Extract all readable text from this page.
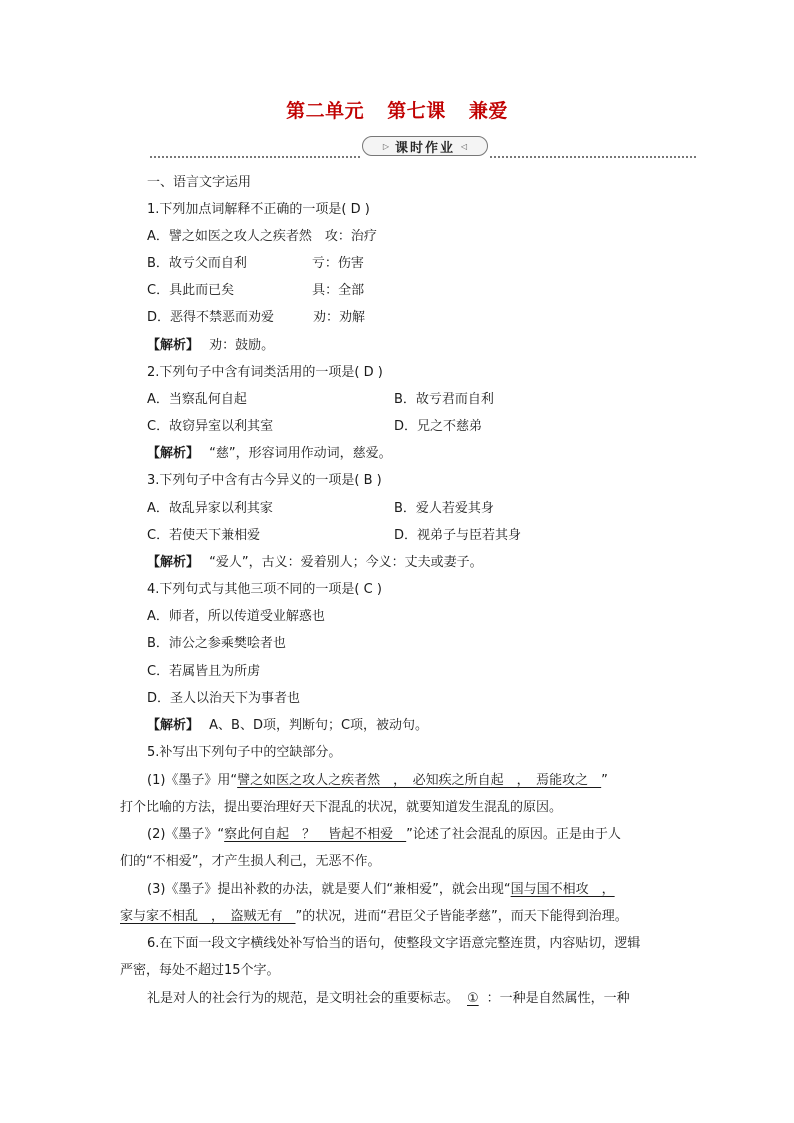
第二单元 第七课 兼爱
▷ 课时作业 ◁
一、语言文字运用
1.下列加点词解释不正确的一项是( D )
A．譬之如医之攻人之疾者然　攻：治疗
B．故亏父而自利　　　　　亏：伤害
C．具此而已矣　　　　　　具：全部
D．恶得不禁恶而劝爱　　　劝：劝解
【解析】 劝：鼓励。
2.下列句子中含有词类活用的一项是( D )
A．当察乱何自起	B．故亏君而自利
C．故窃异室以利其室	D．兄之不慈弟
【解析】 “慈”，形容词用作动词，慈爱。
3.下列句子中含有古今异义的一项是( B )
A．故乱异家以利其家	B．爱人若爱其身
C．若使天下兼相爱	D．视弟子与臣若其身
【解析】 “爱人”，古义：爱着别人；今义：丈夫或妻子。
4.下列句式与其他三项不同的一项是( C )
A．师者，所以传道受业解惑也
B．沛公之参乘樊哙者也
C．若属皆且为所虏
D．圣人以治天下为事者也
【解析】 A、B、D项，判断句；C项，被动句。
5.补写出下列句子中的空缺部分。
(1)《墨子》用“譬之如医之攻人之疾者然　，　必知疾之所自起　，　焉能攻之　”
打个比喻的方法，提出要治理好天下混乱的状况，就要知道发生混乱的原因。
(2)《墨子》“察此何自起　？　皆起不相爱　”论述了社会混乱的原因。正是由于人
们的“不相爱”，才产生损人利己，无恶不作。
(3)《墨子》提出补救的办法，就是要人们“兼相爱”，就会出现“国与国不相攻　，
家与家不相乱　，　盗贼无有　”的状况，进而“君臣父子皆能孝慈”，而天下能得到治理。
6.在下面一段文字横线处补写恰当的语句，使整段文字语意完整连贯，内容贴切，逻辑
严密，每处不超过15个字。
礼是对人的社会行为的规范，是文明社会的重要标志。 ① ：一种是自然属性，一种
